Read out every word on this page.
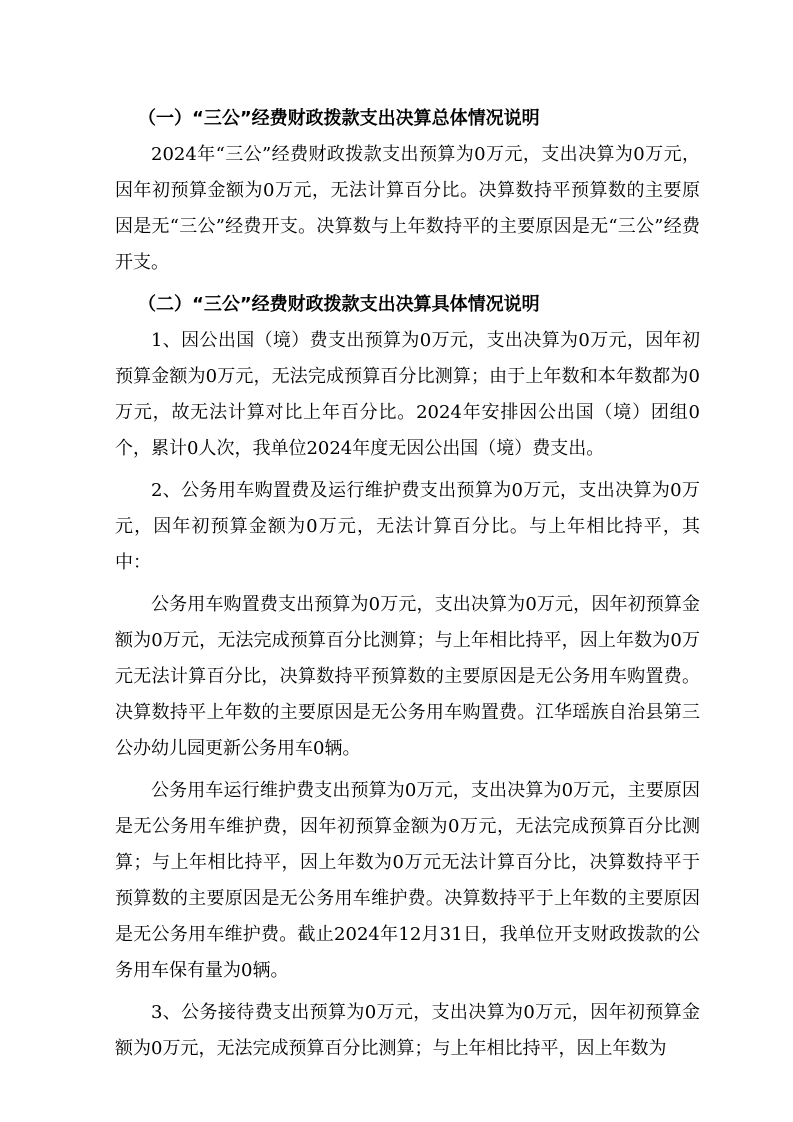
（一）“三公”经费财政拨款支出决算总体情况说明

2024年“三公”经费财政拨款支出预算为0万元，支出决算为0万元，因年初预算金额为0万元，无法计算百分比。决算数持平预算数的主要原因是无“三公”经费开支。决算数与上年数持平的主要原因是无“三公”经费开支。

（二）“三公”经费财政拨款支出决算具体情况说明

1、因公出国（境）费支出预算为0万元，支出决算为0万元，因年初预算金额为0万元，无法完成预算百分比测算；由于上年数和本年数都为0万元，故无法计算对比上年百分比。2024年安排因公出国（境）团组0个，累计0人次，我单位2024年度无因公出国（境）费支出。

2、公务用车购置费及运行维护费支出预算为0万元，支出决算为0万元，因年初预算金额为0万元，无法计算百分比。与上年相比持平，其中：

公务用车购置费支出预算为0万元，支出决算为0万元，因年初预算金额为0万元，无法完成预算百分比测算；与上年相比持平，因上年数为0万元无法计算百分比，决算数持平预算数的主要原因是无公务用车购置费。决算数持平上年数的主要原因是无公务用车购置费。江华瑶族自治县第三公办幼儿园更新公务用车0辆。

公务用车运行维护费支出预算为0万元，支出决算为0万元，主要原因是无公务用车维护费，因年初预算金额为0万元，无法完成预算百分比测算；与上年相比持平，因上年数为0万元无法计算百分比，决算数持平于预算数的主要原因是无公务用车维护费。决算数持平于上年数的主要原因是无公务用车维护费。截止2024年12月31日，我单位开支财政拨款的公务用车保有量为0辆。

3、公务接待费支出预算为0万元，支出决算为0万元，因年初预算金额为0万元，无法完成预算百分比测算；与上年相比持平，因上年数为
